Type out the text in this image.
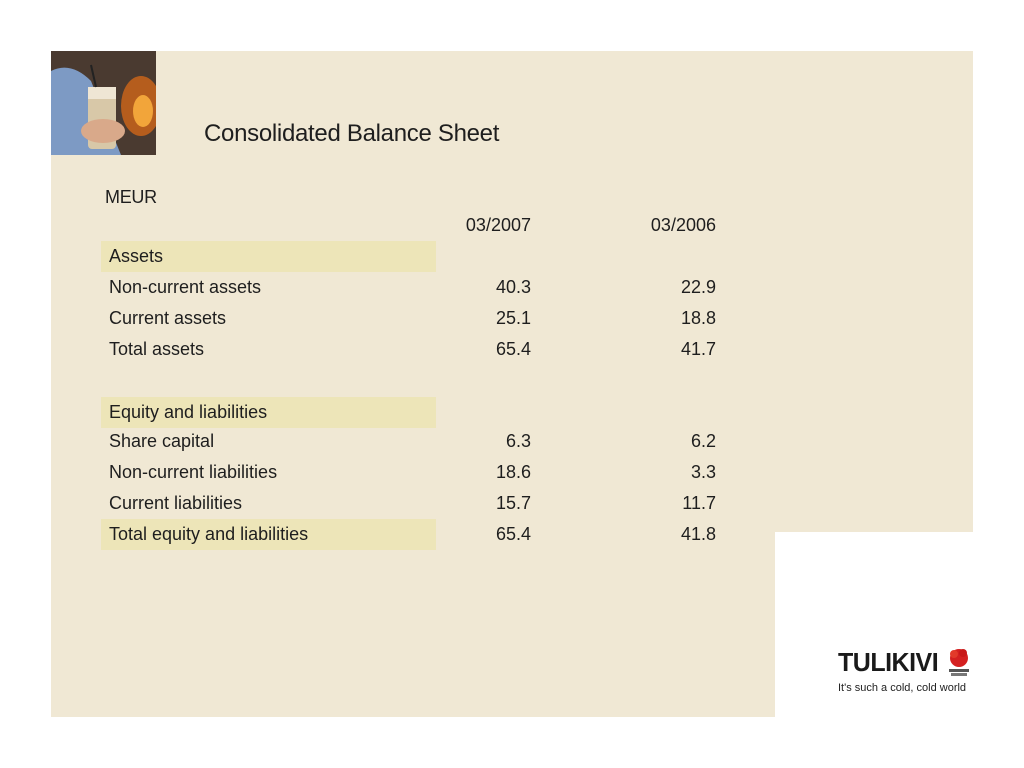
Consolidated Balance Sheet
MEUR
03/2007	03/2006
Assets
Non-current assets	40.3	22.9
Current assets	25.1	18.8
Total assets	65.4	41.7
Equity and liabilities
Share capital	6.3	6.2
Non-current liabilities	18.6	3.3
Current liabilities	15.7	11.7
Total equity and liabilities	65.4	41.8
TULIKIVI
It's such a cold, cold world
